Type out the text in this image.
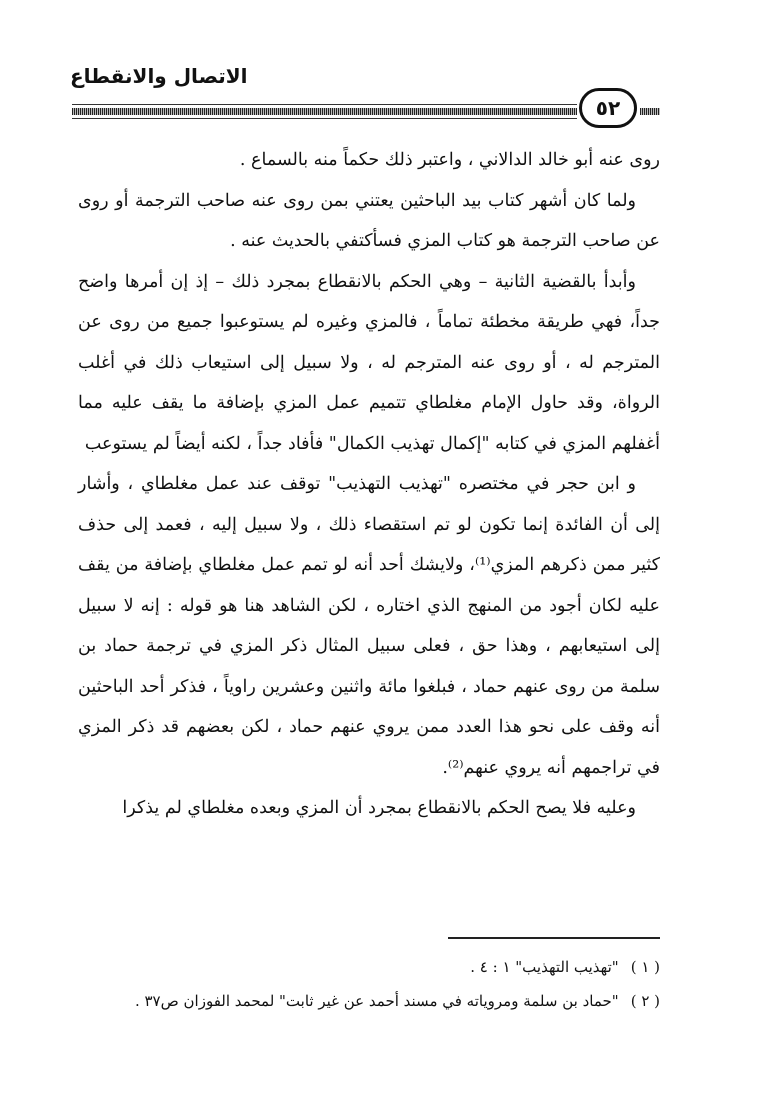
الاتصال والانقطاع
٥٢

روى عنه أبو خالد الدالاني ، واعتبر ذلك حكماً منه بالسماع .

ولما كان أشهر كتاب بيد الباحثين يعتني بمن روى عنه صاحب الترجمة أو روى عن صاحب الترجمة هو كتاب المزي فسأكتفي بالحديث عنه .

وأبدأ بالقضية الثانية – وهي الحكم بالانقطاع بمجرد ذلك – إذ إن أمرها واضح جداً، فهي طريقة مخطئة تماماً ، فالمزي وغيره لم يستوعبوا جميع من روى عن المترجم له ، أو روى عنه المترجم له ، ولا سبيل إلى استيعاب ذلك في أغلب الرواة، وقد حاول الإمام مغلطاي تتميم عمل المزي بإضافة ما يقف عليه مما أغفلهم المزي في كتابه "إكمال تهذيب الكمال" فأفاد جداً ، لكنه أيضاً لم يستوعب

و ابن حجر في مختصره "تهذيب التهذيب" توقف عند عمل مغلطاي ، وأشار إلى أن الفائدة إنما تكون لو تم استقصاء ذلك ، ولا سبيل إليه ، فعمد إلى حذف كثير ممن ذكرهم المزي⁽¹⁾، ولايشك أحد أنه لو تمم عمل مغلطاي بإضافة من يقف عليه لكان أجود من المنهج الذي اختاره ، لكن الشاهد هنا هو قوله : إنه لا سبيل إلى استيعابهم ، وهذا حق ، فعلى سبيل المثال ذكر المزي في ترجمة حماد بن سلمة من روى عنهم حماد ، فبلغوا مائة واثنين وعشرين راوياً ، فذكر أحد الباحثين أنه وقف على نحو هذا العدد ممن يروي عنهم حماد ، لكن بعضهم قد ذكر المزي في تراجمهم أنه يروي عنهم⁽²⁾.

وعليه فلا يصح الحكم بالانقطاع بمجرد أن المزي وبعده مغلطاي لم يذكرا

( ١ )"تهذيب التهذيب" ١ : ٤ .
( ٢ )"حماد بن سلمة ومروياته في مسند أحمد عن غير ثابت" لمحمد الفوزان ص٣٧ .
